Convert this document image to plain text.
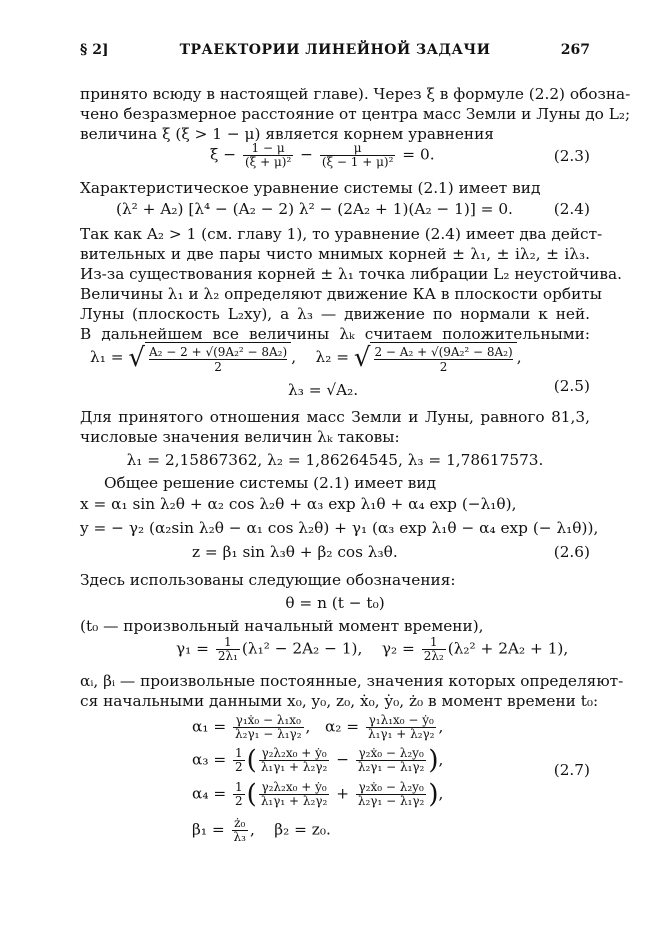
§ 2]	ТРАЕКТОРИИ ЛИНЕЙНОЙ ЗАДАЧИ	267
принято всюду в настоящей главе). Через ξ в формуле (2.2) обозна-
чено безразмерное расстояние от центра масс Земли и Луны до L₂;
величина ξ (ξ > 1 − μ) является корнем уравнения
$\xi - \frac{1 - \mu}{\text{(ξ + μ)²}} - \frac{\mu}{\text{(ξ − 1 + μ)²}} = 0$.	(2.3)
Характеристическое уравнение системы (2.1) имеет вид
(λ² + A₂) [λ⁴ − (A₂ − 2) λ² − (2A₂ + 1)(A₂ − 1)] = 0.	(2.4)
Так как A₂ > 1 (см. главу 1), то уравнение (2.4) имеет два дейст-
вительных и две пары чисто мнимых корней ± λ₁, ± iλ₂, ± iλ₃.
Из-за существования корней ± λ₁ точка либрации L₂ неустойчива.
Величины λ₁ и λ₂ определяют движение КА в плоскости орбиты
Луны (плоскость L₂xy), а λ₃ — движение по нормали к ней.
В дальнейшем все величины λₖ считаем положительными:
λ₁ = √ $\frac{\text{A₂ − 2 + √(9A₂² − 8A₂)}}{2}$, λ₂ = √ $\frac{\text{2 − A₂ + √(9A₂² − 8A₂)}}{2}$,
λ₃ = √A₂.	(2.5)
Для принятого отношения масс Земли и Луны, равного 81,3,
числовые значения величин λₖ таковы:
λ₁ = 2,15867362, λ₂ = 1,86264545, λ₃ = 1,78617573.
Общее решение системы (2.1) имеет вид
x = α₁ sin λ₂θ + α₂ cos λ₂θ + α₃ exp λ₁θ + α₄ exp (−λ₁θ),
y = − γ₂ (α₂sin λ₂θ − α₁ cos λ₂θ) + γ₁ (α₃ exp λ₁θ − α₄ exp (− λ₁θ)),
z = β₁ sin λ₃θ + β₂ cos λ₃θ.	(2.6)
Здесь использованы следующие обозначения:
θ = n (t − t₀)
(t₀ — произвольный начальный момент времени),
$\gamma_1 = \frac{1}{\text{2λ₁}} (\lambda_1^2 - 2A_2 - 1)$, $\gamma_2 = \frac{1}{\text{2λ₂}} (\lambda_2^2 + 2A_2 + 1)$,
αᵢ, βᵢ — произвольные постоянные, значения которых определяют-
ся начальными данными x₀, y₀, z₀, ẋ₀, ẏ₀, ż₀ в момент времени t₀:
$\alpha_1 = \frac{\text{γ₁ẋ₀ − λ₁x₀}}{\text{λ₂γ₁ − λ₁γ₂}}$ ,   $\alpha_2 = \frac{\text{γ₁λ₁x₀ − ẏ₀}}{\text{λ₁γ₁ + λ₂γ₂}}$ ,
$\alpha_3 = \frac{1}{2}$ ( $\frac{\text{γ₂λ₂x₀ + ẏ₀}}{\text{λ₁γ₁ + λ₂γ₂}} - \frac{\text{γ₂ẋ₀ − λ₂y₀}}{\text{λ₂γ₁ − λ₁γ₂}}$ ),
$\alpha_4 = \frac{1}{2}$ ( $\frac{\text{γ₂λ₂x₀ + ẏ₀}}{\text{λ₁γ₁ + λ₂γ₂}} + \frac{\text{γ₂ẋ₀ − λ₂y₀}}{\text{λ₂γ₁ − λ₁γ₂}}$ ),
$\beta_1 = \frac{\text{ż₀}}{\text{λ₃}}$ ,    β₂ = z₀.
(2.7)
